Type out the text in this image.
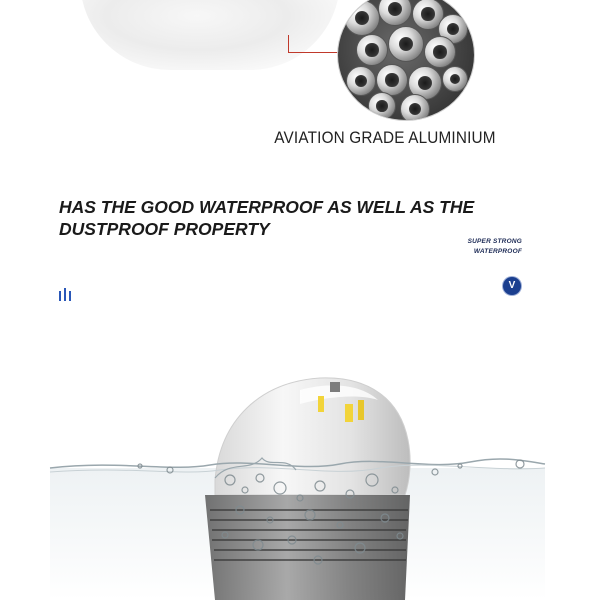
AVIATION GRADE ALUMINIUM
HAS THE GOOD WATERPROOF AS WELL AS THE
DUSTPROOF PROPERTY
SUPER STRONG
WATERPROOF
V
